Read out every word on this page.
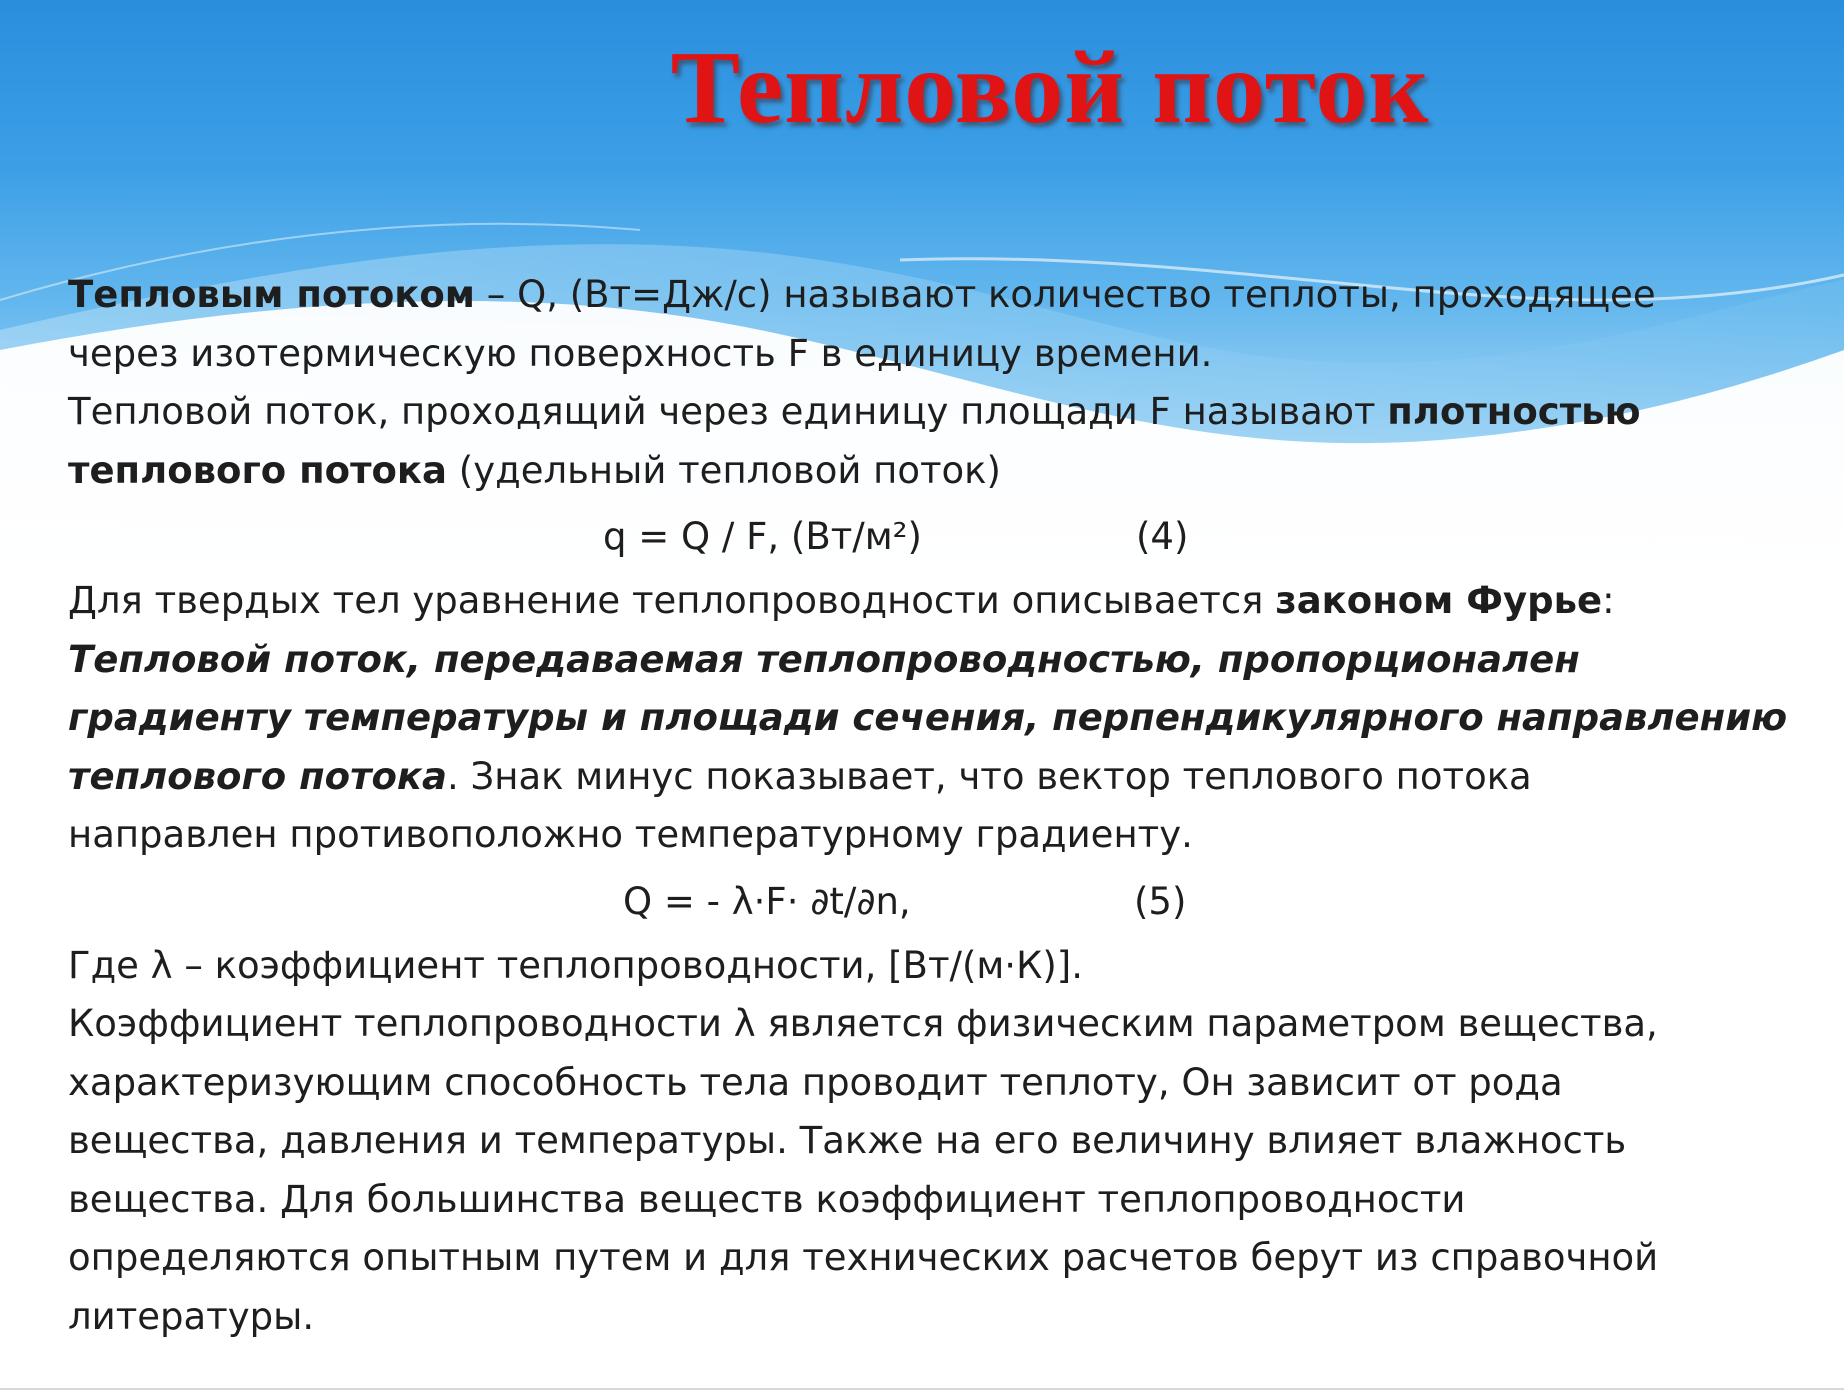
Тепловой поток
Тепловым потоком – Q, (Вт=Дж/с) называют количество теплоты, проходящее
через изотермическую поверхность F в единицу времени.
Тепловой поток, проходящий через единицу площади F называют плотностью
теплового потока (удельный тепловой поток)
q = Q / F, (Вт/м²)	(4)
Для твердых тел уравнение теплопроводности описывается законом Фурье:
Тепловой поток, передаваемая теплопроводностью, пропорционален
градиенту температуры и площади сечения, перпендикулярного направлению
теплового потока. Знак минус показывает, что вектор теплового потока
направлен противоположно температурному градиенту.
Q = - λ·F· ∂t/∂n,	(5)
Где λ – коэффициент теплопроводности, [Вт/(м·К)].
Коэффициент теплопроводности λ является физическим параметром вещества,
характеризующим способность тела проводит теплоту, Он зависит от рода
вещества, давления и температуры. Также на его величину влияет влажность
вещества. Для большинства веществ коэффициент теплопроводности
определяются опытным путем и для технических расчетов берут из справочной
литературы.
